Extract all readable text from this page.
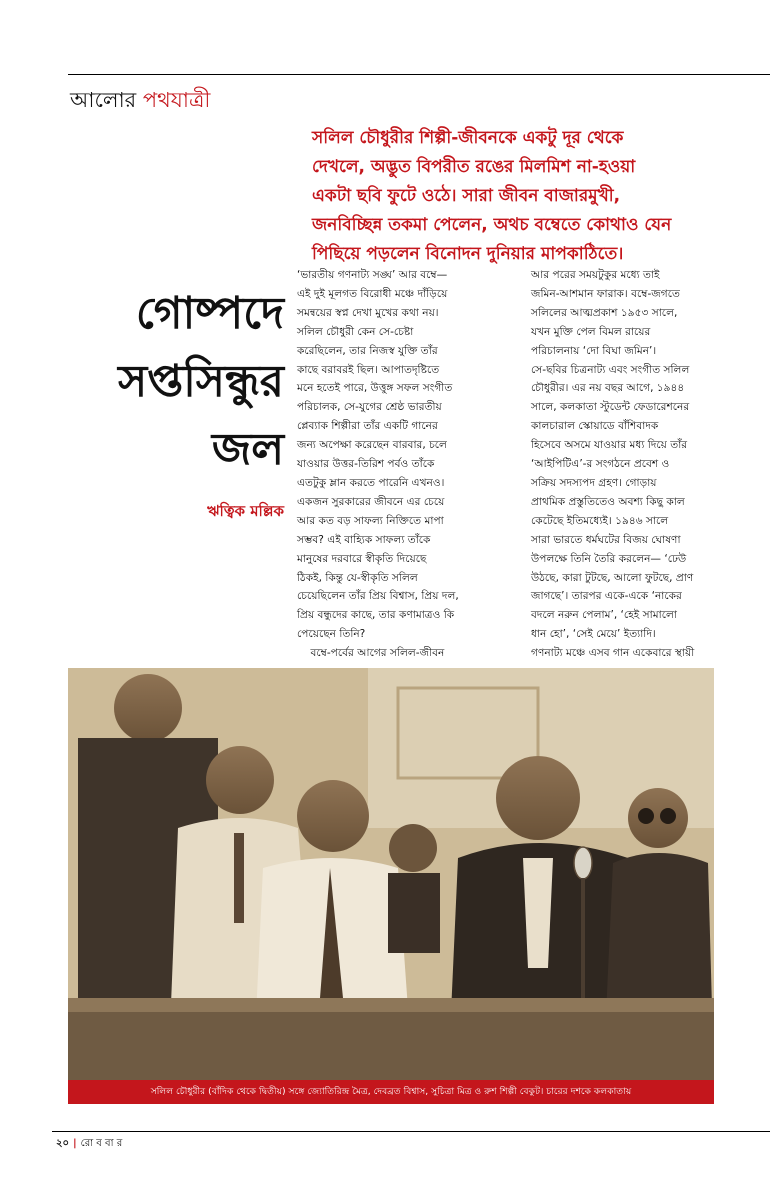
আলোর পথযাত্রী

সলিল চৌধুরীর শিল্পী-জীবনকে একটু দূর থেকে

দেখলে, অদ্ভুত বিপরীত রঙের মিলমিশ না-হওয়া

একটা ছবি ফুটে ওঠে। সারা জীবন বাজারমুখী,

জনবিচ্ছিন্ন তকমা পেলেন, অথচ বম্বেতে কোথাও যেন

পিছিয়ে পড়লেন বিনোদন দুনিয়ার মাপকাঠিতে।

গোষ্পদে
সপ্তসিন্ধুর
জল
ঋত্বিক মল্লিক

‘ভারতীয় গণনাট্য সঙ্ঘ’ আর বম্বে—

এই দুই মূলগত বিরোধী মঞ্চে দাঁড়িয়ে

সমন্বয়ের স্বপ্ন দেখা মুখের কথা নয়।

সলিল চৌধুরী কেন সে-চেষ্টা

করেছিলেন, তার নিজস্ব যুক্তি তাঁর

কাছে বরাবরই ছিল। আপাতদৃষ্টিতে

মনে হতেই পারে, উত্তুঙ্গ সফল সংগীত

পরিচালক, সে-যুগের শ্রেষ্ঠ ভারতীয়

প্লেব্যাক শিল্পীরা তাঁর একটি গানের

জন্য অপেক্ষা করেছেন বারবার, চলে

যাওয়ার উত্তর-তিরিশ পর্বও তাঁকে

এতটুকু ম্লান করতে পারেনি এখনও।

একজন সুরকারের জীবনে এর চেয়ে

আর কত বড় সাফল্য নিক্তিতে মাপা

সম্ভব? এই বাহ্যিক সাফল্য তাঁকে

মানুষের দরবারে স্বীকৃতি দিয়েছে

ঠিকই, কিন্তু যে-স্বীকৃতি সলিল

চেয়েছিলেন তাঁর প্রিয় বিশ্বাস, প্রিয় দল,

প্রিয় বন্ধুদের কাছে, তার কণামাত্রও কি

পেয়েছেন তিনি?

বম্বে-পর্বের আগের সলিল-জীবন

আর পরের সময়টুকুর মধ্যে তাই

জমিন-আশমান ফারাক। বম্বে-জগতে

সলিলের আত্মপ্রকাশ ১৯৫৩ সালে,

যখন মুক্তি পেল বিমল রায়ের

পরিচালনায় ‘দো বিঘা জমিন’।

সে-ছবির চিত্রনাট্য এবং সংগীত সলিল

চৌধুরীর। এর নয় বছর আগে, ১৯৪৪

সালে, কলকাতা স্টুডেন্ট ফেডারেশনের

কালচারাল স্কোয়াডে বাঁশিবাদক

হিসেবে অসমে যাওয়ার মধ্য দিয়ে তাঁর

‘আইপিটিএ’-র সংগঠনে প্রবেশ ও

সক্রিয় সদস্যপদ গ্রহণ। গোড়ায়

প্রাথমিক প্রস্তুতিতেও অবশ্য কিছু কাল

কেটেছে ইতিমধ্যেই। ১৯৪৬ সালে

সারা ভারতে ধর্মঘটের বিজয় ঘোষণা

উপলক্ষে তিনি তৈরি করলেন— ‘ঢেউ

উঠছে, কারা টুটছে, আলো ফুটছে, প্রাণ

জাগছে’। তারপর একে-একে ‘নাকের

বদলে নরুন পেলাম’, ‘হেই সামালো

ধান হো’, ‘সেই মেয়ে’ ইত্যাদি।

গণনাট্য মঞ্চে এসব গান একেবারে স্থায়ী

সলিল চৌধুরীর (বাঁদিক থেকে দ্বিতীয়) সঙ্গে জ্যোতিরিন্দ্র মৈত্র, দেবব্রত বিশ্বাস, সুচিত্রা মিত্র ও রুশ শিল্পী বেকুট। চারের দশকে কলকাতায়
২০ | রো ব বা র
